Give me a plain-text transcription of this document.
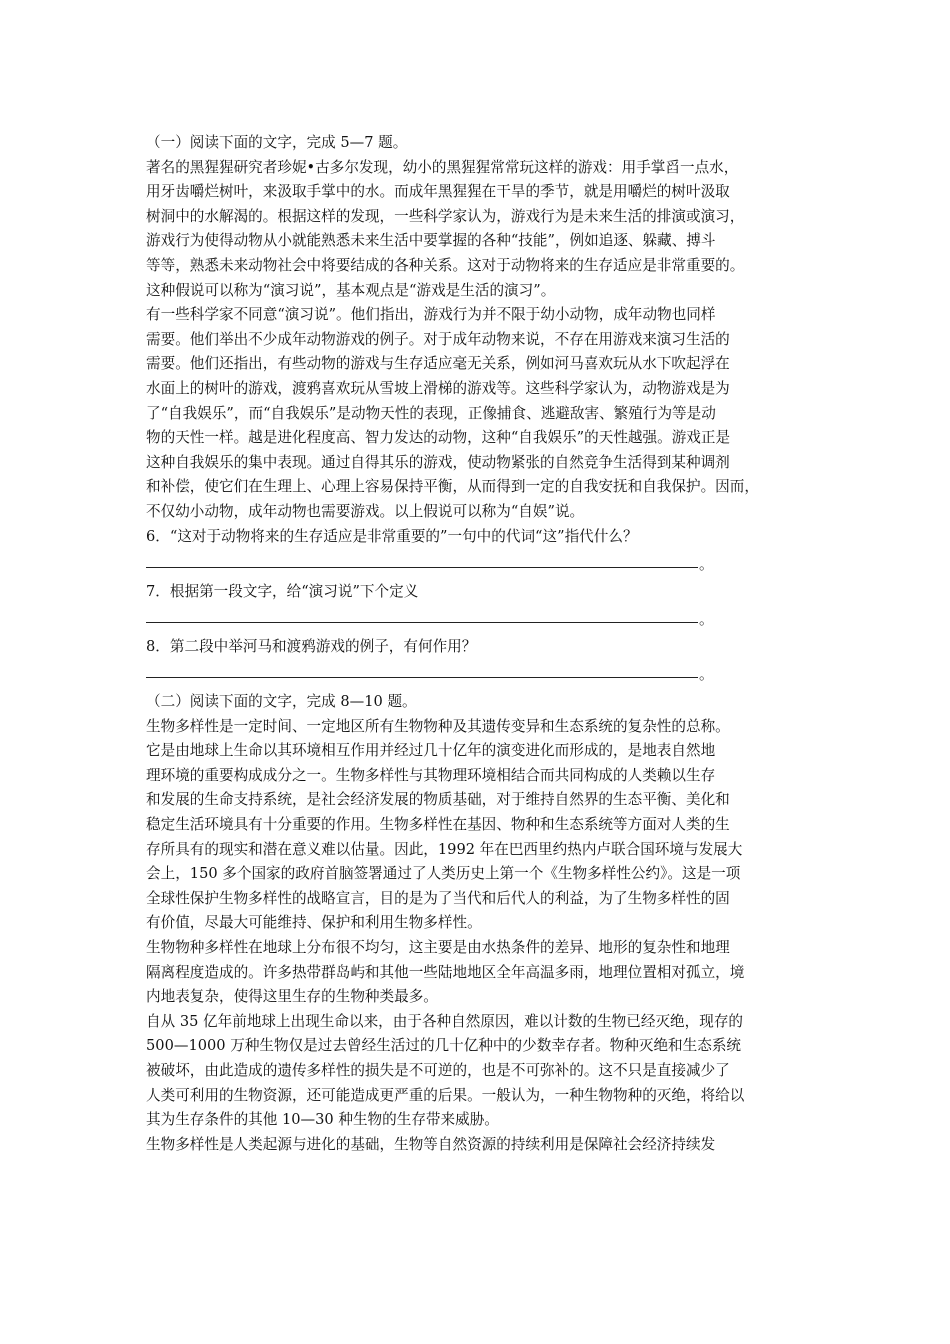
（一）阅读下面的文字，完成 5—7 题。
著名的黑猩猩研究者珍妮•古多尔发现，幼小的黑猩猩常常玩这样的游戏：用手掌舀一点水，
用牙齿嚼烂树叶，来汲取手掌中的水。而成年黑猩猩在干旱的季节，就是用嚼烂的树叶汲取
树洞中的水解渴的。根据这样的发现，一些科学家认为，游戏行为是未来生活的排演或演习，
游戏行为使得动物从小就能熟悉未来生活中要掌握的各种“技能”，例如追逐、躲藏、搏斗
等等，熟悉未来动物社会中将要结成的各种关系。这对于动物将来的生存适应是非常重要的。
这种假说可以称为“演习说”，基本观点是“游戏是生活的演习”。
有一些科学家不同意“演习说”。他们指出，游戏行为并不限于幼小动物，成年动物也同样
需要。他们举出不少成年动物游戏的例子。对于成年动物来说，不存在用游戏来演习生活的
需要。他们还指出，有些动物的游戏与生存适应毫无关系，例如河马喜欢玩从水下吹起浮在
水面上的树叶的游戏，渡鸦喜欢玩从雪坡上滑梯的游戏等。这些科学家认为，动物游戏是为
了“自我娱乐”，而“自我娱乐”是动物天性的表现，正像捕食、逃避敌害、繁殖行为等是动
物的天性一样。越是进化程度高、智力发达的动物，这种“自我娱乐”的天性越强。游戏正是
这种自我娱乐的集中表现。通过自得其乐的游戏，使动物紧张的自然竞争生活得到某种调剂
和补偿，使它们在生理上、心理上容易保持平衡，从而得到一定的自我安抚和自我保护。因而，
不仅幼小动物，成年动物也需要游戏。以上假说可以称为“自娱”说。
6．“这对于动物将来的生存适应是非常重要的”一句中的代词“这”指代什么？
。
7．根据第一段文字，给“演习说”下个定义
。
8．第二段中举河马和渡鸦游戏的例子，有何作用？
。
（二）阅读下面的文字，完成 8—10 题。
生物多样性是一定时间、一定地区所有生物物种及其遗传变异和生态系统的复杂性的总称。
它是由地球上生命以其环境相互作用并经过几十亿年的演变进化而形成的，是地表自然地
理环境的重要构成成分之一。生物多样性与其物理环境相结合而共同构成的人类赖以生存
和发展的生命支持系统，是社会经济发展的物质基础，对于维持自然界的生态平衡、美化和
稳定生活环境具有十分重要的作用。生物多样性在基因、物种和生态系统等方面对人类的生
存所具有的现实和潜在意义难以估量。因此，1992 年在巴西里约热内卢联合国环境与发展大
会上，150 多个国家的政府首脑签署通过了人类历史上第一个《生物多样性公约》。这是一项
全球性保护生物多样性的战略宣言，目的是为了当代和后代人的利益，为了生物多样性的固
有价值，尽最大可能维持、保护和利用生物多样性。
生物物种多样性在地球上分布很不均匀，这主要是由水热条件的差异、地形的复杂性和地理
隔离程度造成的。许多热带群岛屿和其他一些陆地地区全年高温多雨，地理位置相对孤立，境
内地表复杂，使得这里生存的生物种类最多。
自从 35 亿年前地球上出现生命以来，由于各种自然原因，难以计数的生物已经灭绝，现存的
500—1000 万种生物仅是过去曾经生活过的几十亿种中的少数幸存者。物种灭绝和生态系统
被破坏，由此造成的遗传多样性的损失是不可逆的，也是不可弥补的。这不只是直接减少了
人类可利用的生物资源，还可能造成更严重的后果。一般认为，一种生物物种的灭绝，将给以
其为生存条件的其他 10—30 种生物的生存带来威胁。
生物多样性是人类起源与进化的基础，生物等自然资源的持续利用是保障社会经济持续发
